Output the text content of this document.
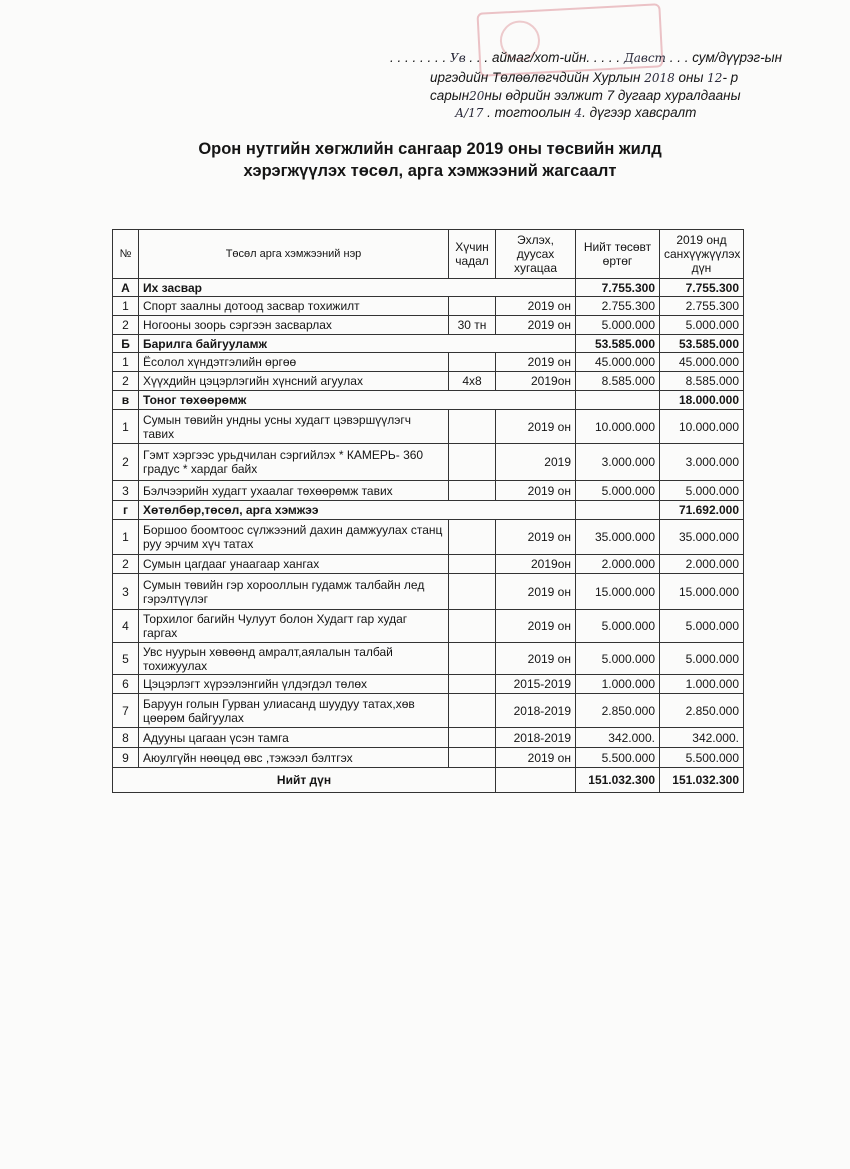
. . . . . . . . Ув . . . аймаг/хот-ийн. . . . . Давст . . . сум/дүүрэг-ын
иргэдийн Төлөөлөгчдийн Хурлын 2018 оны 12- р
сарын20ны өдрийн ээлжит 7 дугаар хуралдааны
А/17 . тогтоолын 4. дүгээр хавсралт
Орон нутгийн хөгжлийн сангаар 2019 оны төсвийн жилд
хэрэгжүүлэх төсөл, арга хэмжээний жагсаалт
№	Төсөл арга хэмжээний нэр	Хүчин чадал	Эхлэх, дуусах хугацаа	Нийт төсөвт өртөг	2019 онд санхүүжүүлэх дүн
А	Их засвар			7.755.300	7.755.300
1	Спорт заалны дотоод засвар тохижилт		2019 он	2.755.300	2.755.300
2	Ногооны зоорь сэргээн засварлах	30 тн	2019 он	5.000.000	5.000.000
Б	Барилга байгууламж			53.585.000	53.585.000
1	Ёсолол хүндэтгэлийн өргөө		2019 он	45.000.000	45.000.000
2	Хүүхдийн цэцэрлэгийн хүнсний агуулах	4х8	2019он	8.585.000	8.585.000
в	Тоног төхөөрөмж				18.000.000
1	Сумын төвийн ундны усны худагт цэвэршүүлэгч тавих		2019 он	10.000.000	10.000.000
2	Гэмт хэргээс урьдчилан сэргийлэх * КАМЕРЬ- 360 градус * хардаг байх		2019	3.000.000	3.000.000
3	Бэлчээрийн худагт ухаалаг төхөөрөмж тавих		2019 он	5.000.000	5.000.000
г	Хөтөлбөр,төсөл, арга хэмжээ				71.692.000
1	Боршоо боомтоос сүлжээний дахин дамжуулах станц руу эрчим хүч татах		2019 он	35.000.000	35.000.000
2	Сумын цагдааг унаагаар хангах		2019он	2.000.000	2.000.000
3	Сумын төвийн гэр хорооллын гудамж талбайн лед гэрэлтүүлэг		2019 он	15.000.000	15.000.000
4	Торхилог багийн Чулуут болон Худагт гар худаг гаргах		2019 он	5.000.000	5.000.000
5	Увс нуурын хөвөөнд амралт,аялалын талбай тохижуулах		2019 он	5.000.000	5.000.000
6	Цэцэрлэгт хүрээлэнгийн үлдэгдэл төлөх		2015-2019	1.000.000	1.000.000
7	Баруун голын Гурван улиасанд шуудуу татах,хөв цөөрөм байгуулах		2018-2019	2.850.000	2.850.000
8	Адууны цагаан үсэн тамга		2018-2019	342.000.	342.000.
9	Аюулгүйн нөөцөд өвс ,тэжээл бэлтгэх		2019 он	5.500.000	5.500.000
Нийт дүн				151.032.300	151.032.300
